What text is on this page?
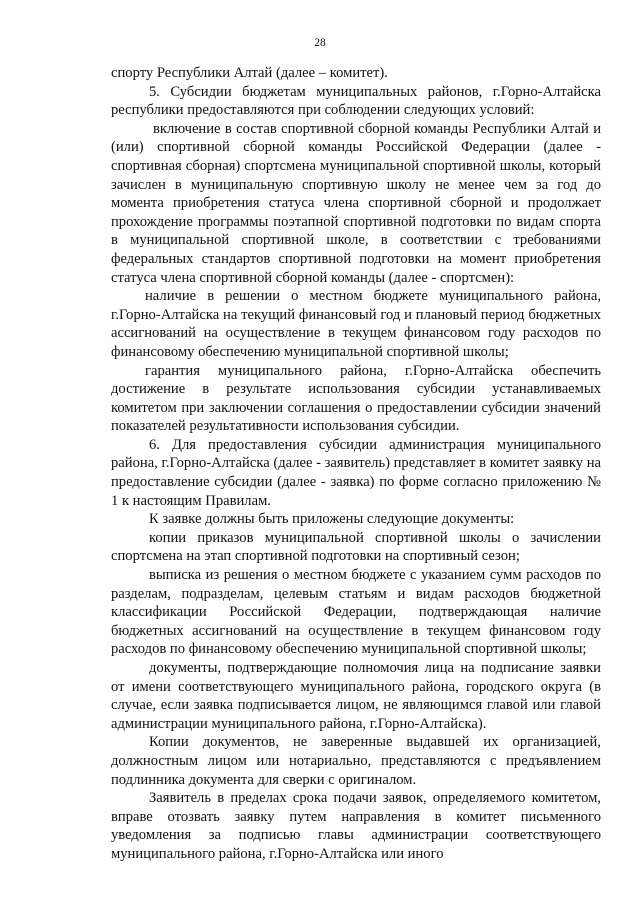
28

спорту Республики Алтай (далее – комитет).

5. Субсидии бюджетам муниципальных районов, г.Горно-Алтайска республики предоставляются при соблюдении следующих условий:

включение в состав спортивной сборной команды Республики Алтай и (или) спортивной сборной команды Российской Федерации (далее - спортивная сборная) спортсмена муниципальной спортивной школы, который зачислен в муниципальную спортивную школу не менее чем за год до момента приобретения статуса члена спортивной сборной и продолжает прохождение программы поэтапной спортивной подготовки по видам спорта в муниципальной спортивной школе, в соответствии с требованиями федеральных стандартов спортивной подготовки на момент приобретения статуса члена спортивной сборной команды (далее - спортсмен):

наличие в решении о местном бюджете муниципального района, г.Горно-Алтайска на текущий финансовый год и плановый период бюджетных ассигнований на осуществление в текущем финансовом году расходов по финансовому обеспечению муниципальной спортивной школы;

гарантия муниципального района, г.Горно-Алтайска обеспечить достижение в результате использования субсидии устанавливаемых комитетом при заключении соглашения о предоставлении субсидии значений показателей результативности использования субсидии.

6. Для предоставления субсидии администрация муниципального района, г.Горно-Алтайска (далее - заявитель) представляет в комитет заявку на предоставление субсидии (далее - заявка) по форме согласно приложению № 1 к настоящим Правилам.

К заявке должны быть приложены следующие документы:

копии приказов муниципальной спортивной школы о зачислении спортсмена на этап спортивной подготовки на спортивный сезон;

выписка из решения о местном бюджете с указанием сумм расходов по разделам, подразделам, целевым статьям и видам расходов бюджетной классификации Российской Федерации, подтверждающая наличие бюджетных ассигнований на осуществление в текущем финансовом году расходов по финансовому обеспечению муниципальной спортивной школы;

документы, подтверждающие полномочия лица на подписание заявки от имени соответствующего муниципального района, городского округа (в случае, если заявка подписывается лицом, не являющимся главой или главой администрации муниципального района, г.Горно-Алтайска).

Копии документов, не заверенные выдавшей их организацией, должностным лицом или нотариально, представляются с предъявлением подлинника документа для сверки с оригиналом.

Заявитель в пределах срока подачи заявок, определяемого комитетом, вправе отозвать заявку путем направления в комитет письменного уведомления за подписью главы администрации соответствующего муниципального района, г.Горно-Алтайска или иного
